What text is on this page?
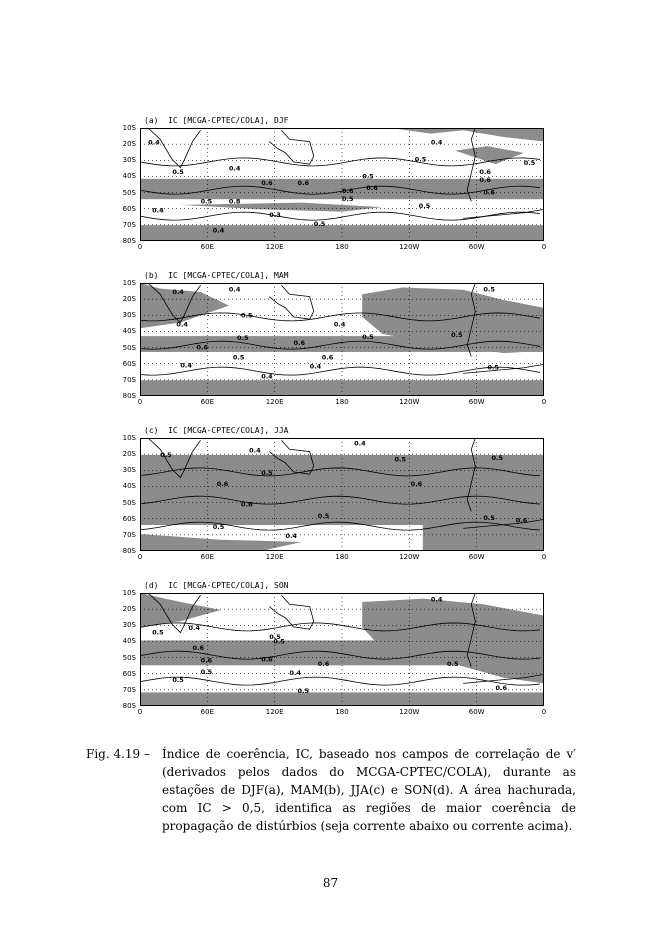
(a)  IC [MCGA-CPTEC/COLA], DJF
10S
20S
30S
40S
50S
60S
70S
80S
0	60E	120E	180	120W	60W	0
0.4
0.5	0.4
0.6	0.6
0.5
0.6
0.5
0.4
0.5
0.6
0.8
0.6
0.5
0.3
0.4
0.5
0.5
0.6
0.6
0.4
0.5
(b)  IC [MCGA-CPTEC/COLA], MAM
10S
20S
30S
40S
50S
60S
70S
80S
0	60E	120E	180	120W	60W	0
0.4	0.4
0.5
0.4	0.4
0.5
0.6
0.6
0.6
0.5
0.5	0.5
0.4
0.4
0.4
0.5
0.5
(c)  IC [MCGA-CPTEC/COLA], JJA
10S
20S
30S
40S
50S
60S
70S
80S
0	60E	120E	180	120W	60W	0
0.5
0.4
0.5
0.4
0.5	0.5
0.6
0.6
0.6
0.5
0.5
0.4
0.5	0.6
(d)  IC [MCGA-CPTEC/COLA], SON
10S
20S
30S
40S
50S
60S
70S
80S
0	60E	120E	180	120W	60W	0
0.4
0.5
0.4
0.5
0.6
0.5
0.6	0.6
0.6
0.5	0.4
0.5
0.5
0.5
0.6
Fig. 4.19 – Índice de coerência, IC, baseado nos campos de correlação de v′ (derivados pelos dados do MCGA-CPTEC/COLA), durante as estações de DJF(a), MAM(b), JJA(c) e SON(d). A área hachurada, com IC > 0,5, identifica as regiões de maior coerência de propagação de distúrbios (seja corrente abaixo ou corrente acima).
87
